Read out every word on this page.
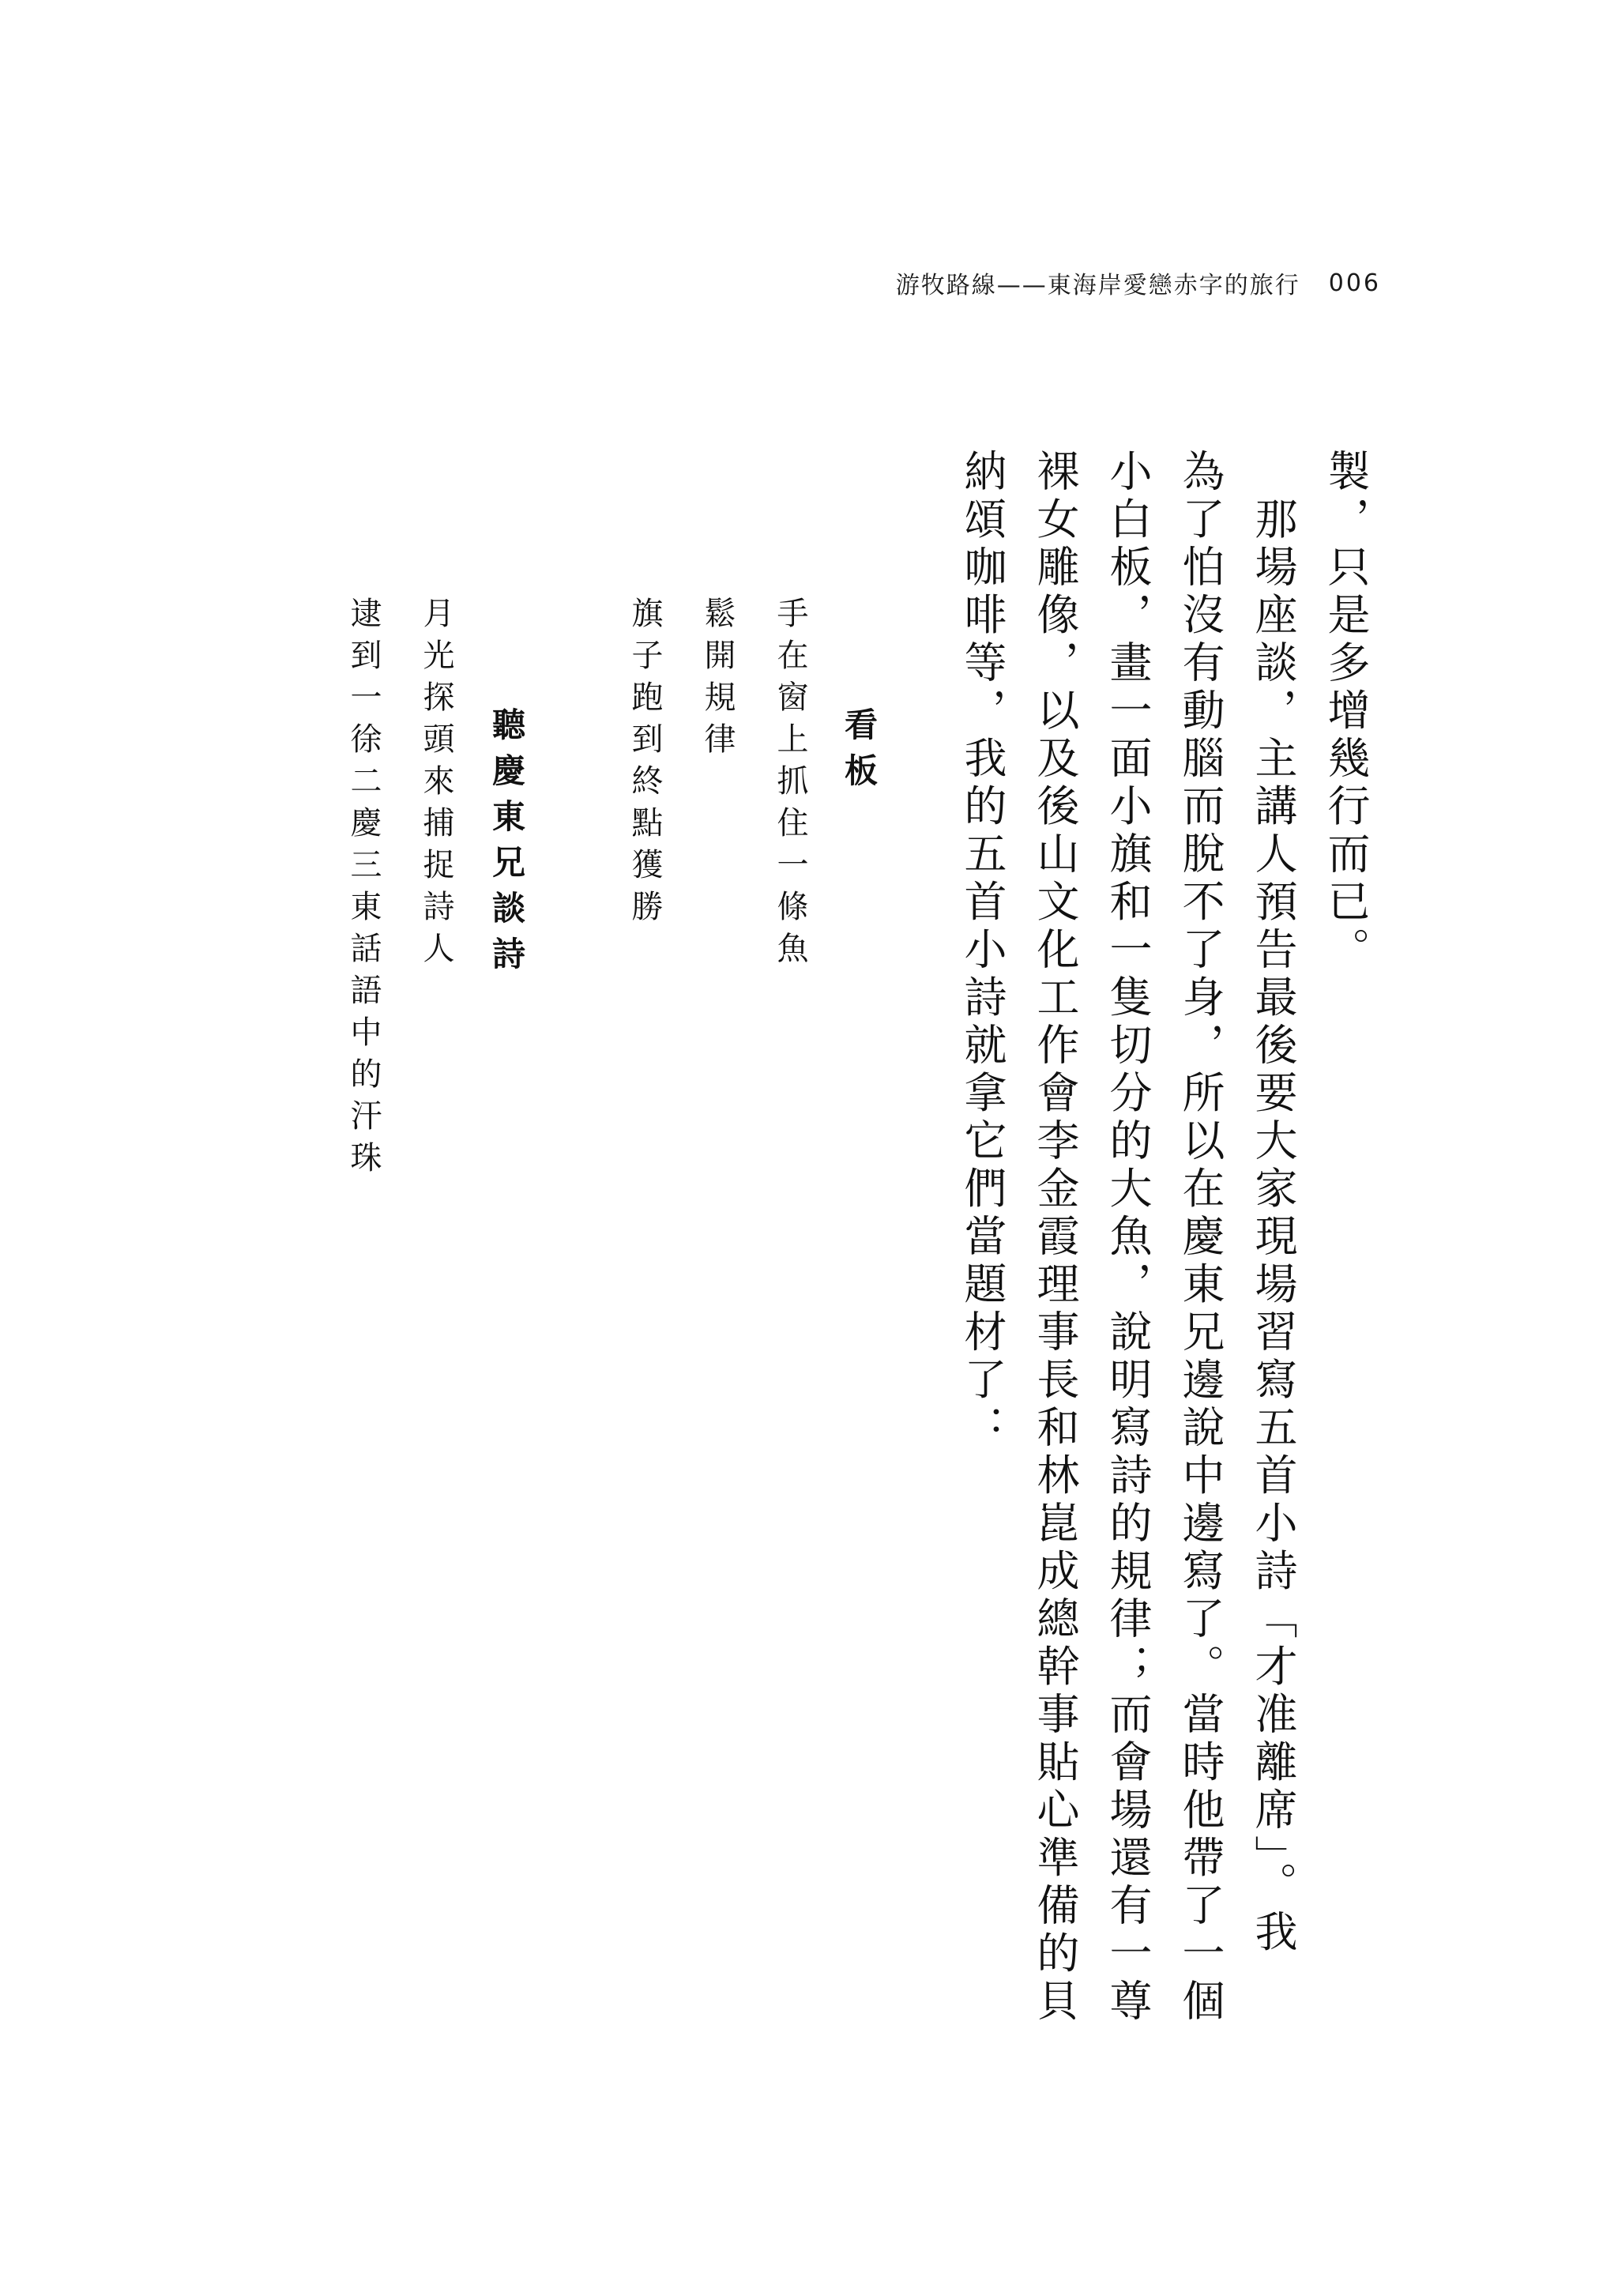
游牧路線——東海岸愛戀赤字的旅行 006
製，只是多增幾行而已。
　那場座談，主講人預告最後要大家現場習寫五首小詩「才准離席」。我
為了怕沒有動腦而脫不了身，所以在慶東兄邊說中邊寫了。當時他帶了一個
小白板，畫一面小旗和一隻切分的大魚，說明寫詩的規律；而會場還有一尊
裸女雕像，以及後山文化工作會李金霞理事長和林崑成總幹事貼心準備的貝
納頌咖啡等，我的五首小詩就拿它們當題材了：
看板
手在窗上抓住一條魚
鬆開規律
旗子跑到終點獲勝
聽慶東兄談詩
月光探頭來捕捉詩人
逮到一徐二慶三東話語中的汗珠
